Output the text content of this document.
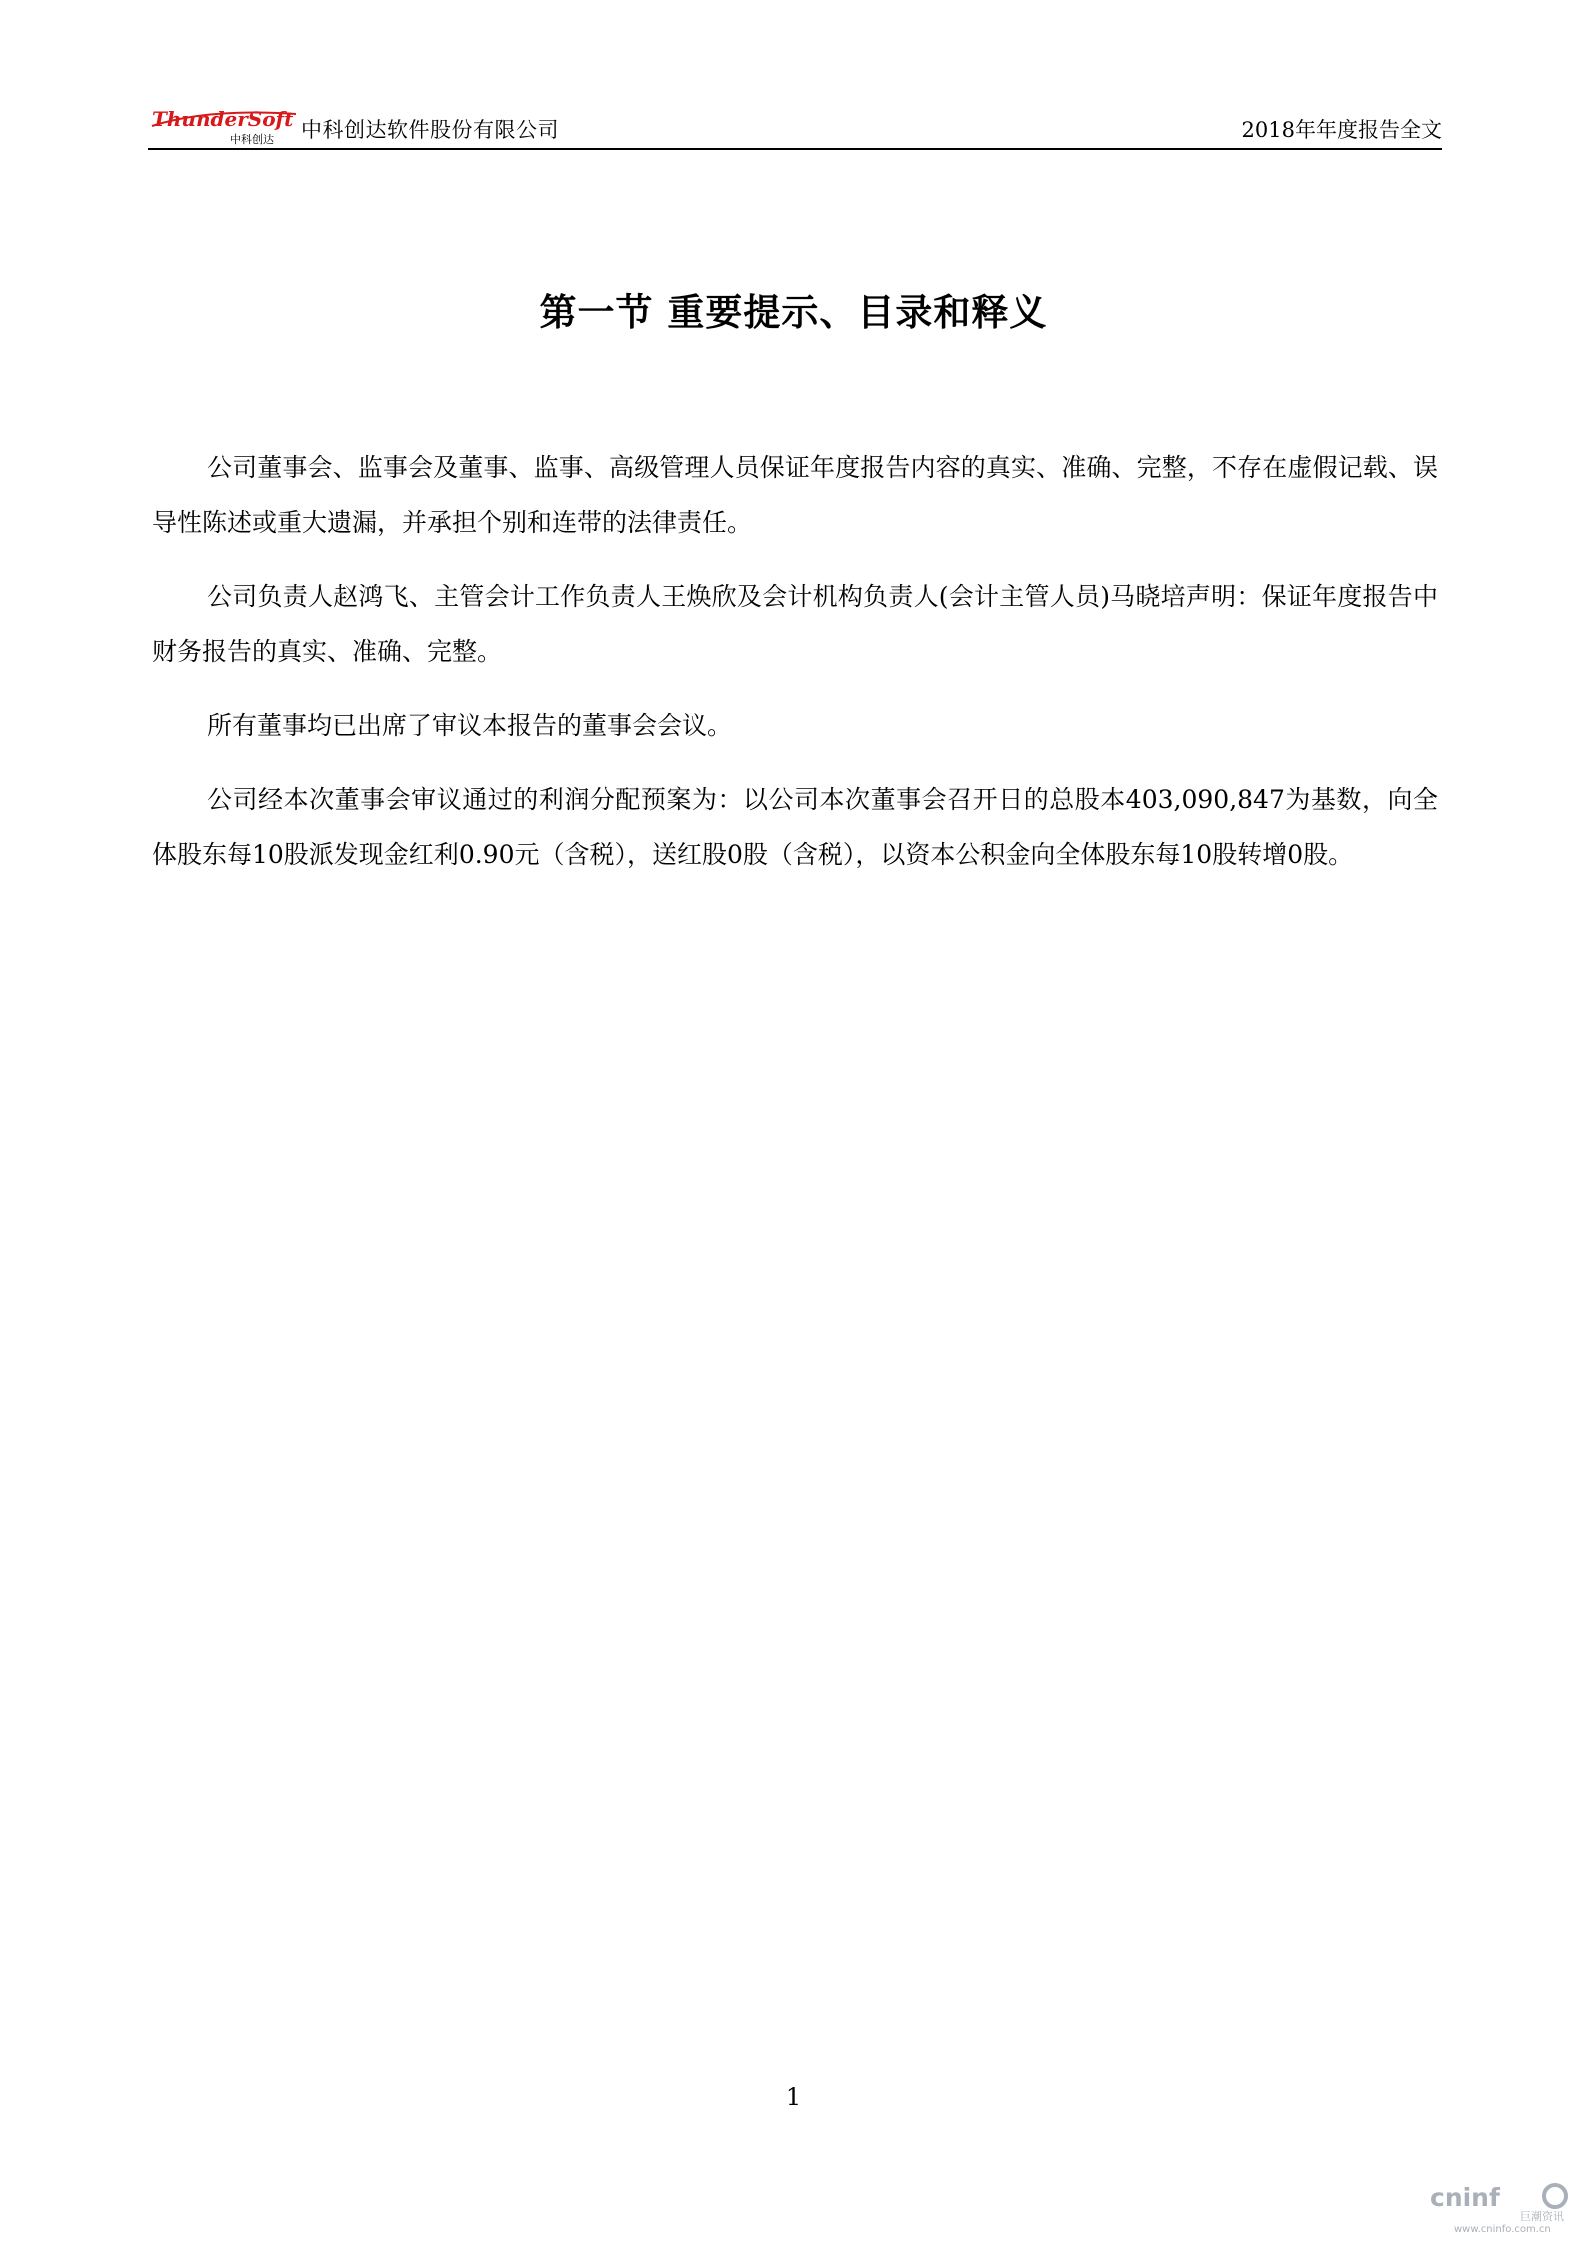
ThunderSoft
中科创达 中科创达软件股份有限公司	2018年年度报告全文
第一节 重要提示、目录和释义

公司董事会、监事会及董事、监事、高级管理人员保证年度报告内容的真实、准确、完整，不存在虚假记载、误导性陈述或重大遗漏，并承担个别和连带的法律责任。

公司负责人赵鸿飞、主管会计工作负责人王焕欣及会计机构负责人(会计主管人员)马晓培声明：保证年度报告中财务报告的真实、准确、完整。

所有董事均已出席了审议本报告的董事会会议。

公司经本次董事会审议通过的利润分配预案为：以公司本次董事会召开日的总股本403,090,847为基数，向全体股东每10股派发现金红利0.90元（含税），送红股0股（含税），以资本公积金向全体股东每10股转增0股。

1
cninf
巨潮资讯
www.cninfo.com.cn
